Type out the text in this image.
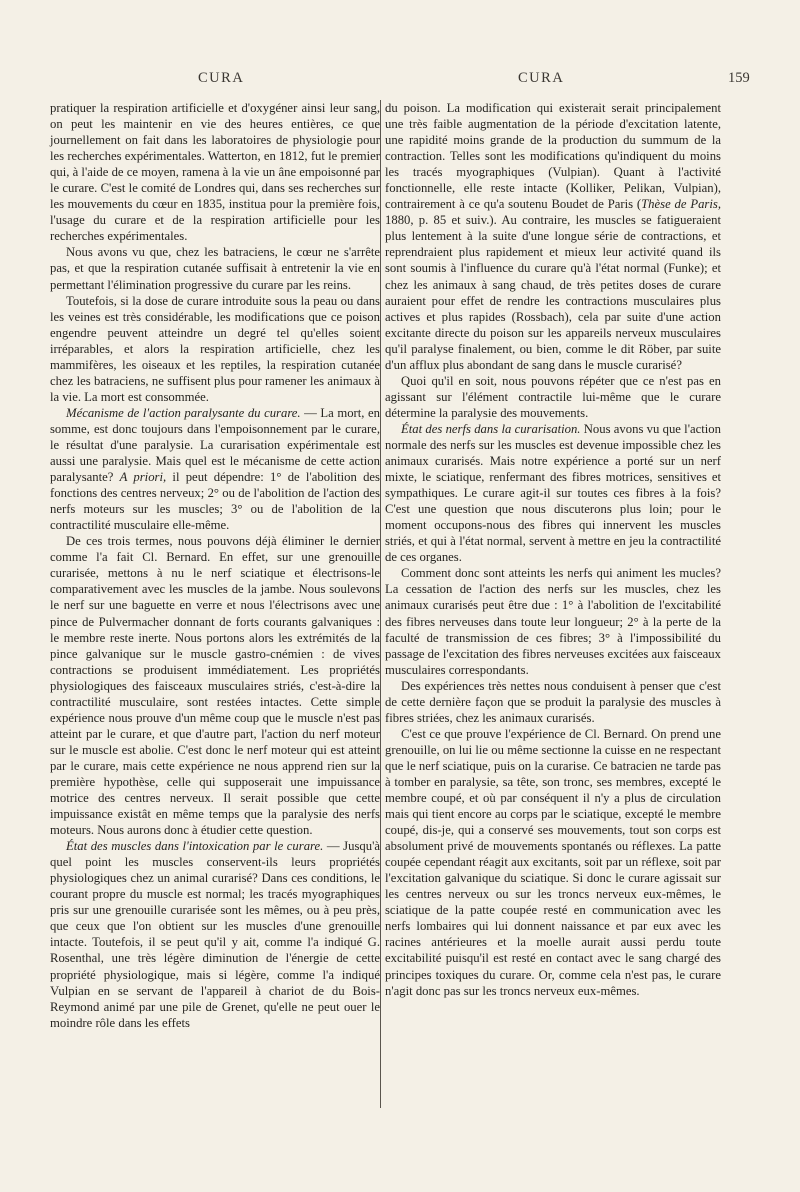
CURA	CURA	159

pratiquer la respiration artificielle et d'oxygéner ainsi leur sang, on peut les maintenir en vie des heures entières, ce que journellement on fait dans les laboratoires de physiologie pour les recherches expérimentales. Watterton, en 1812, fut le premier qui, à l'aide de ce moyen, ramena à la vie un âne empoisonné par le curare. C'est le comité de Londres qui, dans ses recherches sur les mouvements du cœur en 1835, institua pour la première fois, l'usage du curare et de la respiration artificielle pour les recherches expérimentales.

Nous avons vu que, chez les batraciens, le cœur ne s'arrête pas, et que la respiration cutanée suffisait à entretenir la vie en permettant l'élimination progressive du curare par les reins.

Toutefois, si la dose de curare introduite sous la peau ou dans les veines est très considérable, les modifications que ce poison engendre peuvent atteindre un degré tel qu'elles soient irréparables, et alors la respiration artificielle, chez les mammifères, les oiseaux et les reptiles, la respiration cutanée chez les batraciens, ne suffisent plus pour ramener les animaux à la vie. La mort est consommée.

Mécanisme de l'action paralysante du curare. — La mort, en somme, est donc toujours dans l'empoisonnement par le curare, le résultat d'une paralysie. La curarisation expérimentale est aussi une paralysie. Mais quel est le mécanisme de cette action paralysante? A priori, il peut dépendre: 1° de l'abolition des fonctions des centres nerveux; 2° ou de l'abolition de l'action des nerfs moteurs sur les muscles; 3° ou de l'abolition de la contractilité musculaire elle-même.

De ces trois termes, nous pouvons déjà éliminer le dernier comme l'a fait Cl. Bernard. En effet, sur une grenouille curarisée, mettons à nu le nerf sciatique et électrisons-le comparativement avec les muscles de la jambe. Nous soulevons le nerf sur une baguette en verre et nous l'électrisons avec une pince de Pulvermacher donnant de forts courants galvaniques : le membre reste inerte. Nous portons alors les extrémités de la pince galvanique sur le muscle gastro-cnémien : de vives contractions se produisent immédiatement. Les propriétés physiologiques des faisceaux musculaires striés, c'est-à-dire la contractilité musculaire, sont restées intactes. Cette simple expérience nous prouve d'un même coup que le muscle n'est pas atteint par le curare, et que d'autre part, l'action du nerf moteur sur le muscle est abolie. C'est donc le nerf moteur qui est atteint par le curare, mais cette expérience ne nous apprend rien sur la première hypothèse, celle qui supposerait une impuissance motrice des centres nerveux. Il serait possible que cette impuissance existât en même temps que la paralysie des nerfs moteurs. Nous aurons donc à étudier cette question.

État des muscles dans l'intoxication par le curare. — Jusqu'à quel point les muscles conservent-ils leurs propriétés physiologiques chez un animal curarisé? Dans ces conditions, le courant propre du muscle est normal; les tracés myographiques pris sur une grenouille curarisée sont les mêmes, ou à peu près, que ceux que l'on obtient sur les muscles d'une grenouille intacte. Toutefois, il se peut qu'il y ait, comme l'a indiqué G. Rosenthal, une très légère diminution de l'énergie de cette propriété physiologique, mais si légère, comme l'a indiqué Vulpian en se servant de l'appareil à chariot de du Bois-Reymond animé par une pile de Grenet, qu'elle ne peut ouer le moindre rôle dans les effets

du poison. La modification qui existerait serait principalement une très faible augmentation de la période d'excitation latente, une rapidité moins grande de la production du summum de la contraction. Telles sont les modifications qu'indiquent du moins les tracés myographiques (Vulpian). Quant à l'activité fonctionnelle, elle reste intacte (Kolliker, Pelikan, Vulpian), contrairement à ce qu'a soutenu Boudet de Paris (Thèse de Paris, 1880, p. 85 et suiv.). Au contraire, les muscles se fatigueraient plus lentement à la suite d'une longue série de contractions, et reprendraient plus rapidement et mieux leur activité quand ils sont soumis à l'influence du curare qu'à l'état normal (Funke); et chez les animaux à sang chaud, de très petites doses de curare auraient pour effet de rendre les contractions musculaires plus actives et plus rapides (Rossbach), cela par suite d'une action excitante directe du poison sur les appareils nerveux musculaires qu'il paralyse finalement, ou bien, comme le dit Röber, par suite d'un afflux plus abondant de sang dans le muscle curarisé?

Quoi qu'il en soit, nous pouvons répéter que ce n'est pas en agissant sur l'élément contractile lui-même que le curare détermine la paralysie des mouvements.

État des nerfs dans la curarisation. Nous avons vu que l'action normale des nerfs sur les muscles est devenue impossible chez les animaux curarisés. Mais notre expérience a porté sur un nerf mixte, le sciatique, renfermant des fibres motrices, sensitives et sympathiques. Le curare agit-il sur toutes ces fibres à la fois? C'est une question que nous discuterons plus loin; pour le moment occupons-nous des fibres qui innervent les muscles striés, et qui à l'état normal, servent à mettre en jeu la contractilité de ces organes.

Comment donc sont atteints les nerfs qui animent les mucles? La cessation de l'action des nerfs sur les muscles, chez les animaux curarisés peut être due : 1° à l'abolition de l'excitabilité des fibres nerveuses dans toute leur longueur; 2° à la perte de la faculté de transmission de ces fibres; 3° à l'impossibilité du passage de l'excitation des fibres nerveuses excitées aux faisceaux musculaires correspondants.

Des expériences très nettes nous conduisent à penser que c'est de cette dernière façon que se produit la paralysie des muscles à fibres striées, chez les animaux curarisés.

C'est ce que prouve l'expérience de Cl. Bernard. On prend une grenouille, on lui lie ou même sectionne la cuisse en ne respectant que le nerf sciatique, puis on la curarise. Ce batracien ne tarde pas à tomber en paralysie, sa tête, son tronc, ses membres, excepté le membre coupé, et où par conséquent il n'y a plus de circulation mais qui tient encore au corps par le sciatique, excepté le membre coupé, dis-je, qui a conservé ses mouvements, tout son corps est absolument privé de mouvements spontanés ou réflexes. La patte coupée cependant réagit aux excitants, soit par un réflexe, soit par l'excitation galvanique du sciatique. Si donc le curare agissait sur les centres nerveux ou sur les troncs nerveux eux-mêmes, le sciatique de la patte coupée resté en communication avec les nerfs lombaires qui lui donnent naissance et par eux avec les racines antérieures et la moelle aurait aussi perdu toute excitabilité puisqu'il est resté en contact avec le sang chargé des principes toxiques du curare. Or, comme cela n'est pas, le curare n'agit donc pas sur les troncs nerveux eux-mêmes.
